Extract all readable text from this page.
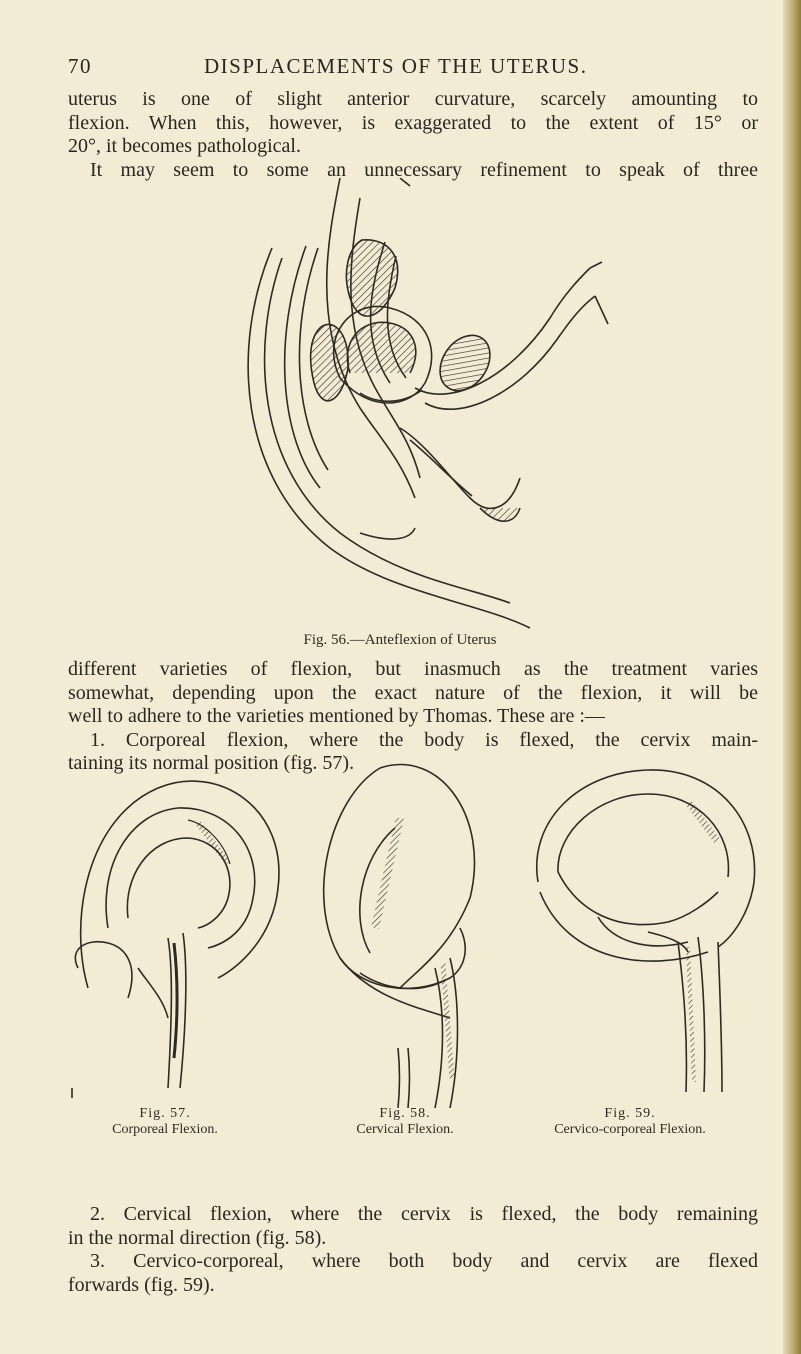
70	DISPLACEMENTS OF THE UTERUS.

uterus is one of slight anterior curvature, scarcely amounting to
flexion. When this, however, is exaggerated to the extent of 15° or
20°, it becomes pathological.
It may seem to some an unnecessary refinement to speak of three

Fig. 56.—Anteflexion of Uterus

different varieties of flexion, but inasmuch as the treatment varies
somewhat, depending upon the exact nature of the flexion, it will be
well to adhere to the varieties mentioned by Thomas. These are :—
1. Corporeal flexion, where the body is flexed, the cervix main-
taining its normal position (fig. 57).

Fig. 57.
Corporeal Flexion.
Fig. 58.
Cervical Flexion.
Fig. 59.
Cervico-corporeal Flexion.

2. Cervical flexion, where the cervix is flexed, the body remaining
in the normal direction (fig. 58).
3. Cervico-corporeal, where both body and cervix are flexed
forwards (fig. 59).
